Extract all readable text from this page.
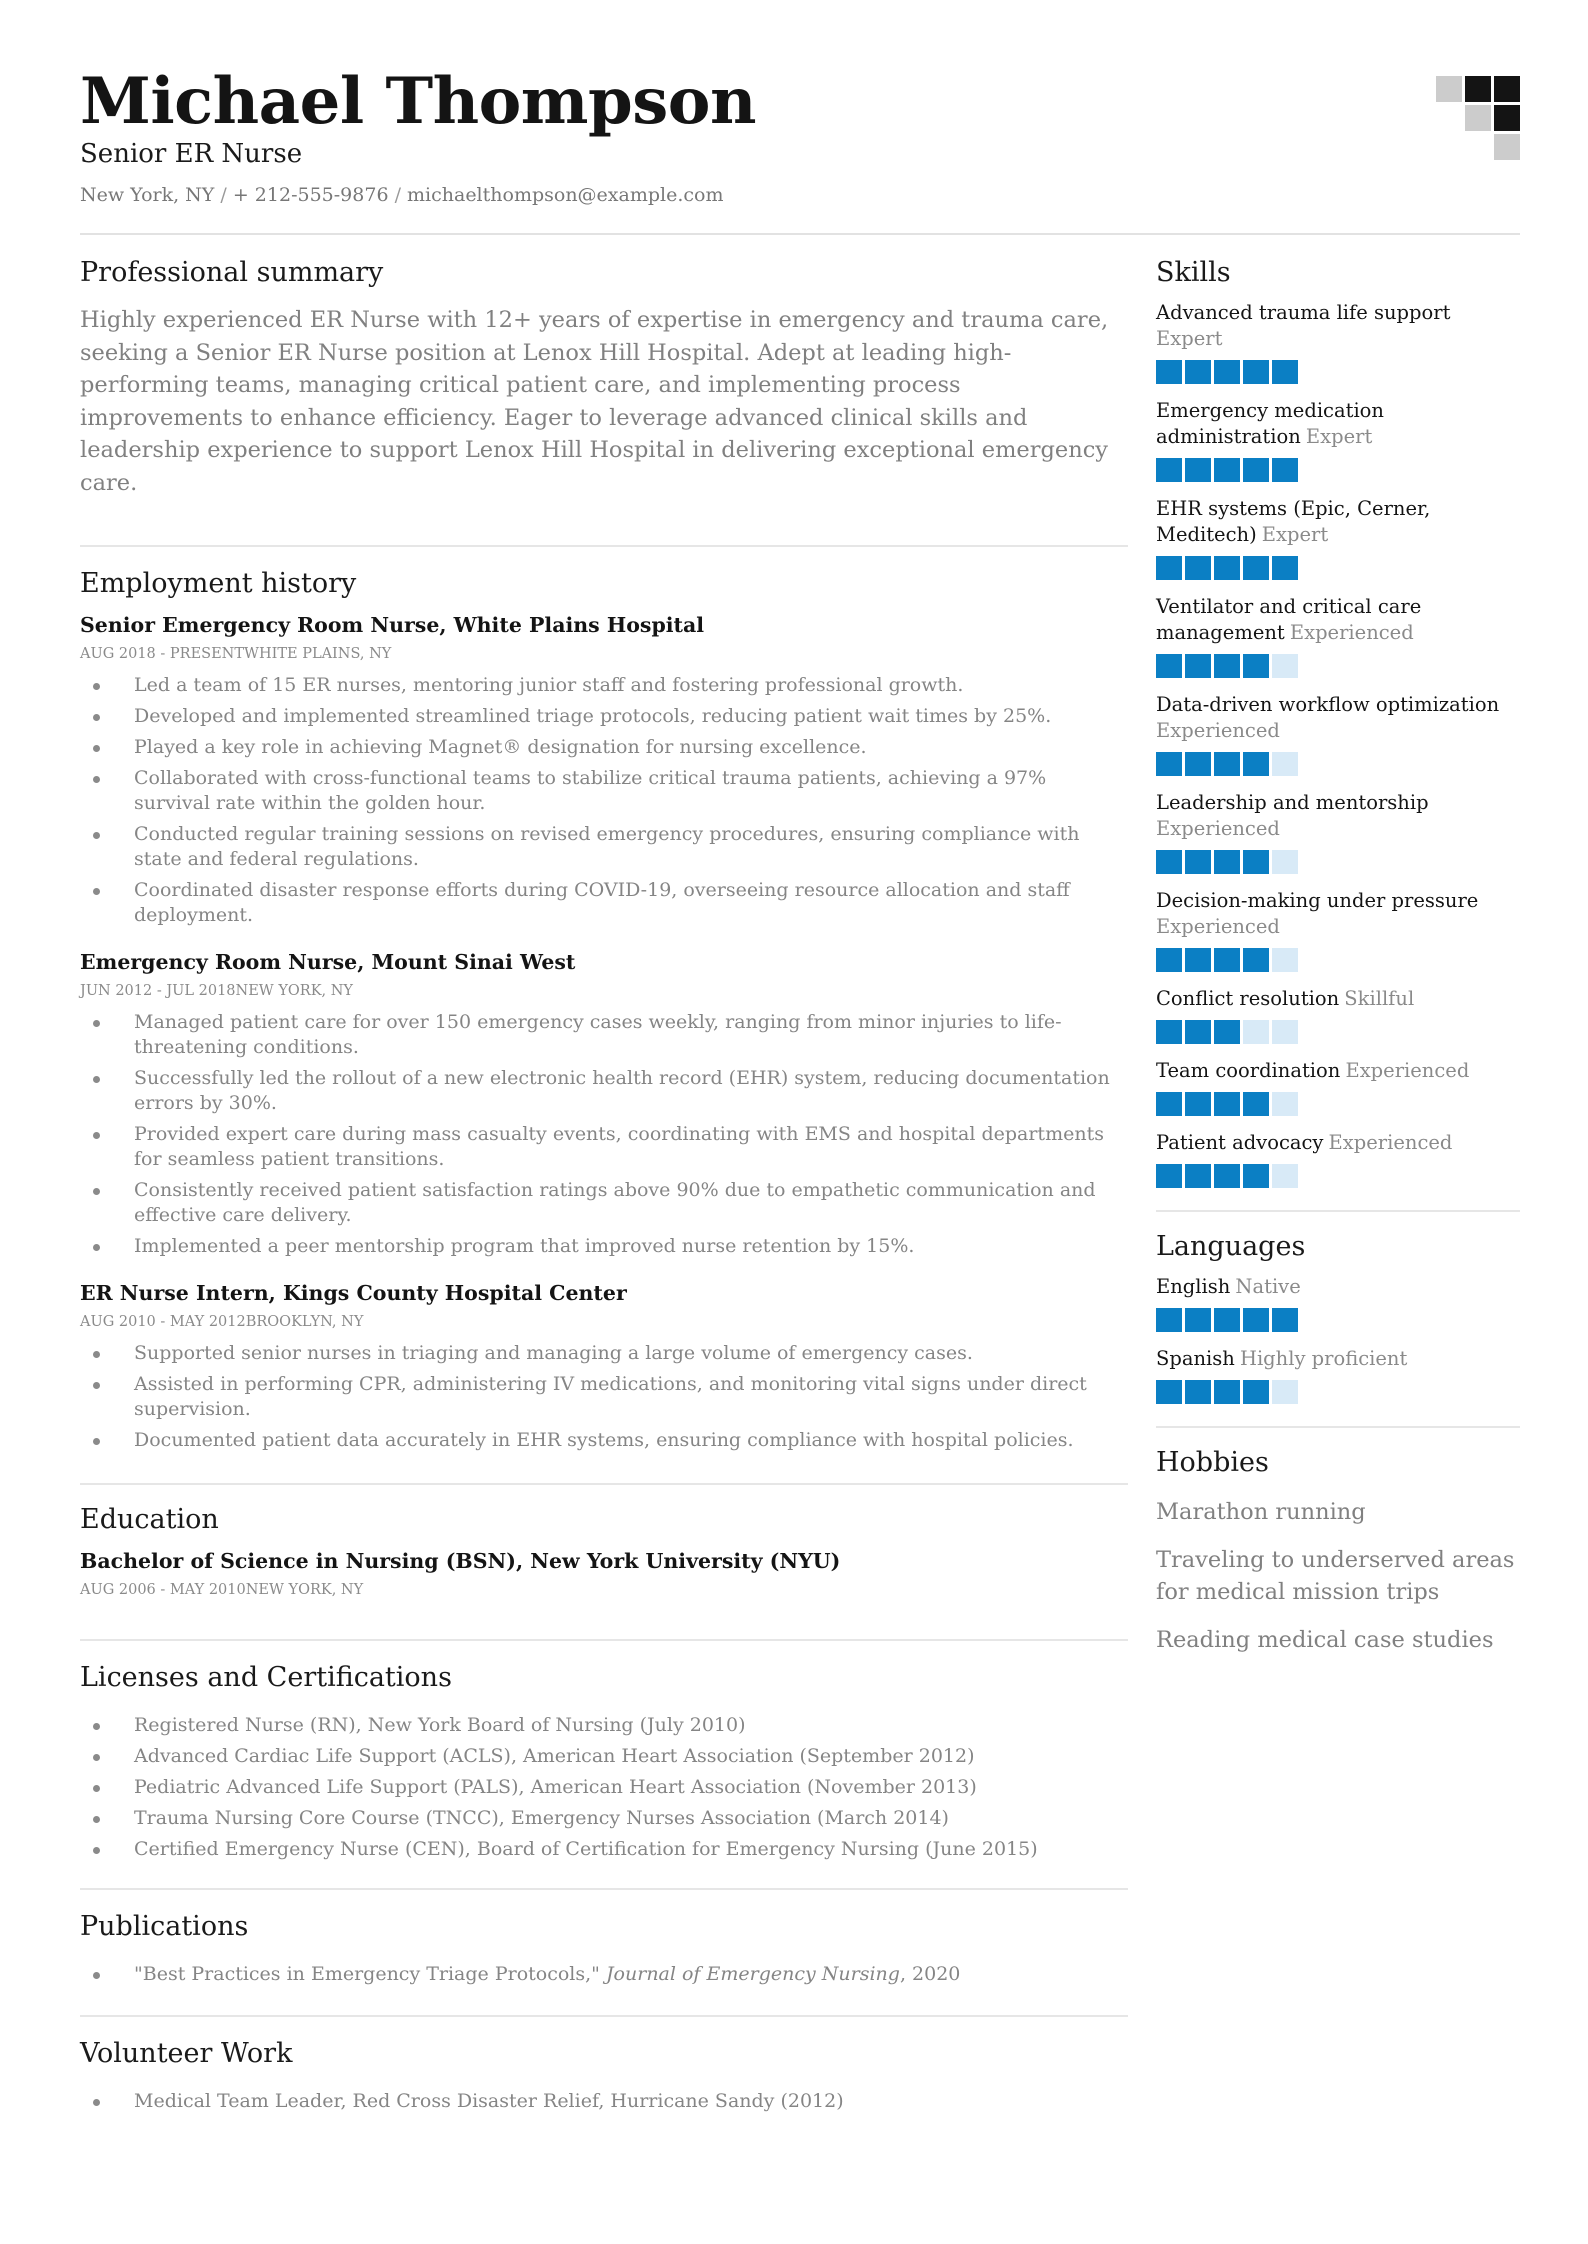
Michael Thompson
Senior ER Nurse
New York, NY / + 212-555-9876 / michaelthompson@example.com
Professional summary

Highly experienced ER Nurse with 12+ years of expertise in emergency and trauma care, seeking a Senior ER Nurse position at Lenox Hill Hospital. Adept at leading high-performing teams, managing critical patient care, and implementing process improvements to enhance efficiency. Eager to leverage advanced clinical skills and leadership experience to support Lenox Hill Hospital in delivering exceptional emergency care.

Employment history
Senior Emergency Room Nurse, White Plains Hospital
AUG 2018 - PRESENTWHITE PLAINS, NY
Led a team of 15 ER nurses, mentoring junior staff and fostering professional growth.
Developed and implemented streamlined triage protocols, reducing patient wait times by 25%.
Played a key role in achieving Magnet® designation for nursing excellence.
Collaborated with cross-functional teams to stabilize critical trauma patients, achieving a 97% survival rate within the golden hour.
Conducted regular training sessions on revised emergency procedures, ensuring compliance with state and federal regulations.
Coordinated disaster response efforts during COVID-19, overseeing resource allocation and staff deployment.
Emergency Room Nurse, Mount Sinai West
JUN 2012 - JUL 2018NEW YORK, NY
Managed patient care for over 150 emergency cases weekly, ranging from minor injuries to life-threatening conditions.
Successfully led the rollout of a new electronic health record (EHR) system, reducing documentation errors by 30%.
Provided expert care during mass casualty events, coordinating with EMS and hospital departments for seamless patient transitions.
Consistently received patient satisfaction ratings above 90% due to empathetic communication and effective care delivery.
Implemented a peer mentorship program that improved nurse retention by 15%.
ER Nurse Intern, Kings County Hospital Center
AUG 2010 - MAY 2012BROOKLYN, NY
Supported senior nurses in triaging and managing a large volume of emergency cases.
Assisted in performing CPR, administering IV medications, and monitoring vital signs under direct supervision.
Documented patient data accurately in EHR systems, ensuring compliance with hospital policies.
Education
Bachelor of Science in Nursing (BSN), New York University (NYU)
AUG 2006 - MAY 2010NEW YORK, NY
Licenses and Certifications
Registered Nurse (RN), New York Board of Nursing (July 2010)
Advanced Cardiac Life Support (ACLS), American Heart Association (September 2012)
Pediatric Advanced Life Support (PALS), American Heart Association (November 2013)
Trauma Nursing Core Course (TNCC), Emergency Nurses Association (March 2014)
Certified Emergency Nurse (CEN), Board of Certification for Emergency Nursing (June 2015)
Publications
"Best Practices in Emergency Triage Protocols," Journal of Emergency Nursing, 2020
Volunteer Work
Medical Team Leader, Red Cross Disaster Relief, Hurricane Sandy (2012)
Skills
Advanced trauma life support Expert
Emergency medication administration Expert
EHR systems (Epic, Cerner, Meditech) Expert
Ventilator and critical care management Experienced
Data-driven workflow optimization Experienced
Leadership and mentorship Experienced
Decision-making under pressure Experienced
Conflict resolution Skillful
Team coordination Experienced
Patient advocacy Experienced
Languages
English Native
Spanish Highly proficient
Hobbies
Marathon running
Traveling to underserved areas for medical mission trips
Reading medical case studies
